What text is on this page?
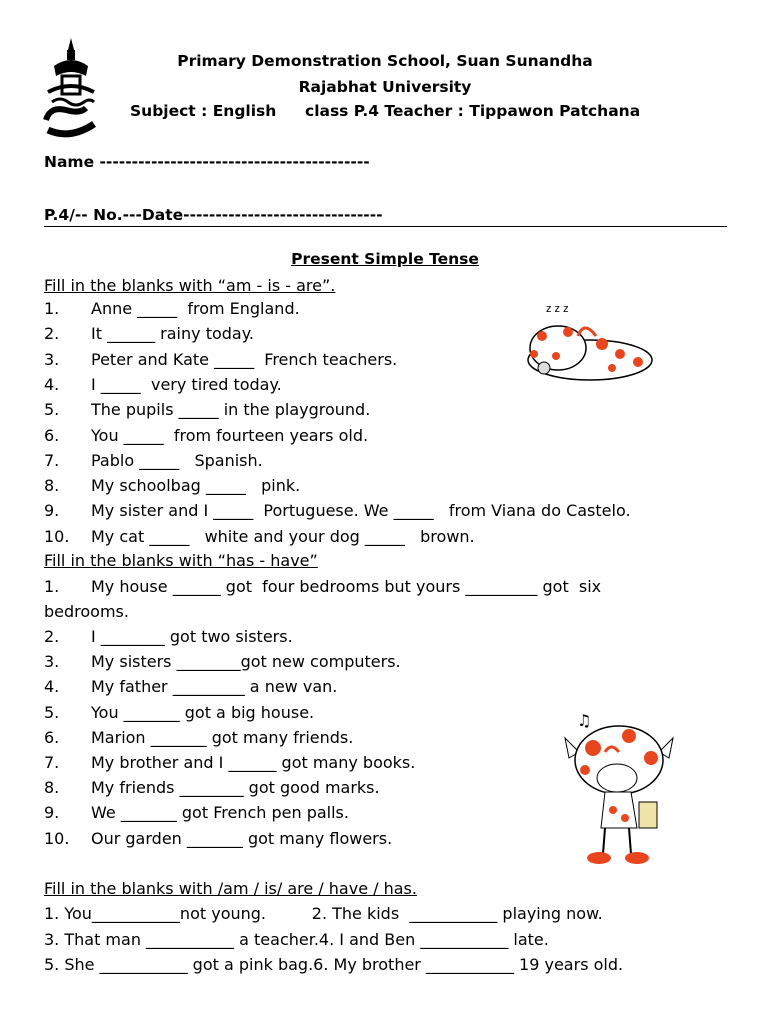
Primary Demonstration School, Suan Sunandha
Rajabhat University
Subject : English class P.4 Teacher : Tippawon Patchana
Name ------------------------------------------
P.4/-- No.---Date-------------------------------
Present Simple Tense
Fill in the blanks with “am - is - are”.
1. Anne _____  from England.
2. It ______ rainy today.
3. Peter and Kate _____  French teachers.
4. I _____  very tired today.
5. The pupils _____ in the playground.
6. You _____  from fourteen years old.
7. Pablo _____   Spanish.
8. My schoolbag _____   pink.
9. My sister and I _____  Portuguese. We _____   from Viana do Castelo.
10. My cat _____   white and your dog _____   brown.
Fill in the blanks with “has - have”
1. My house ______ got  four bedrooms but yours _________ got  six
bedrooms.
2. I ________ got two sisters.
3. My sisters ________got new computers.
4. My father _________ a new van.
5. You _______ got a big house.
6. Marion _______ got many friends.
7. My brother and I ______ got many books.
8. My friends ________ got good marks.
9. We _______ got French pen palls.
10. Our garden _______ got many flowers.
Fill in the blanks with /am / is/ are / have / has.
1. You___________not young.         2. The kids  ___________ playing now.
3. That man ___________ a teacher.4. I and Ben ___________ late.
5. She ___________ got a pink bag.6. My brother ___________ 19 years old.
z z z
♫
